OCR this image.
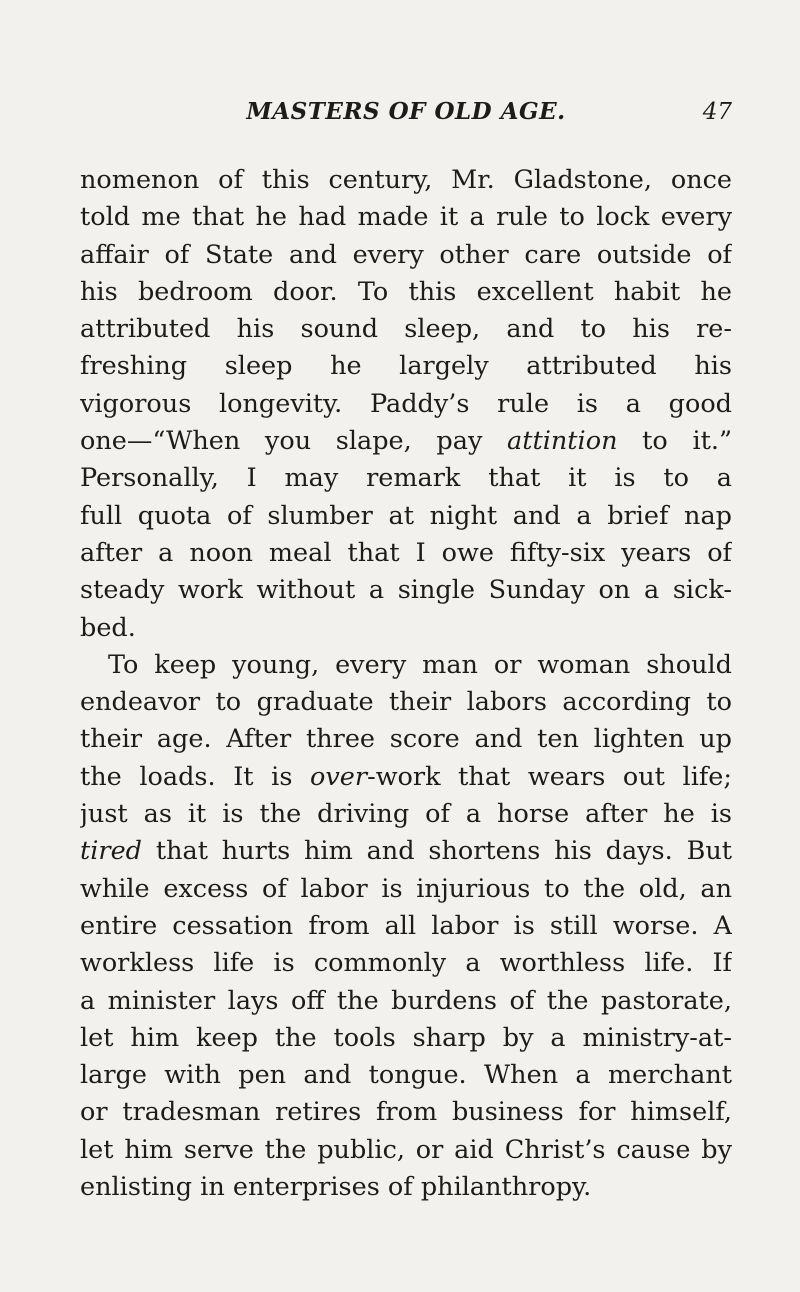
MASTERS OF OLD AGE.	47
nomenon of this century, Mr. Gladstone, once
told me that he had made it a rule to lock every
affair of State and every other care outside of
his bedroom door. To this excellent habit he
attributed his sound sleep, and to his re-
freshing sleep he largely attributed his
vigorous longevity. Paddy’s rule is a good
one—“When you slape, pay attintion to it.”
Personally, I may remark that it is to a
full quota of slumber at night and a brief nap
after a noon meal that I owe fifty-six years of
steady work without a single Sunday on a sick-
bed.
To keep young, every man or woman should
endeavor to graduate their labors according to
their age. After three score and ten lighten up
the loads. It is over-work that wears out life;
just as it is the driving of a horse after he is
tired that hurts him and shortens his days. But
while excess of labor is injurious to the old, an
entire cessation from all labor is still worse. A
workless life is commonly a worthless life. If
a minister lays off the burdens of the pastorate,
let him keep the tools sharp by a ministry-at-
large with pen and tongue. When a merchant
or tradesman retires from business for himself,
let him serve the public, or aid Christ’s cause by
enlisting in enterprises of philanthropy.
